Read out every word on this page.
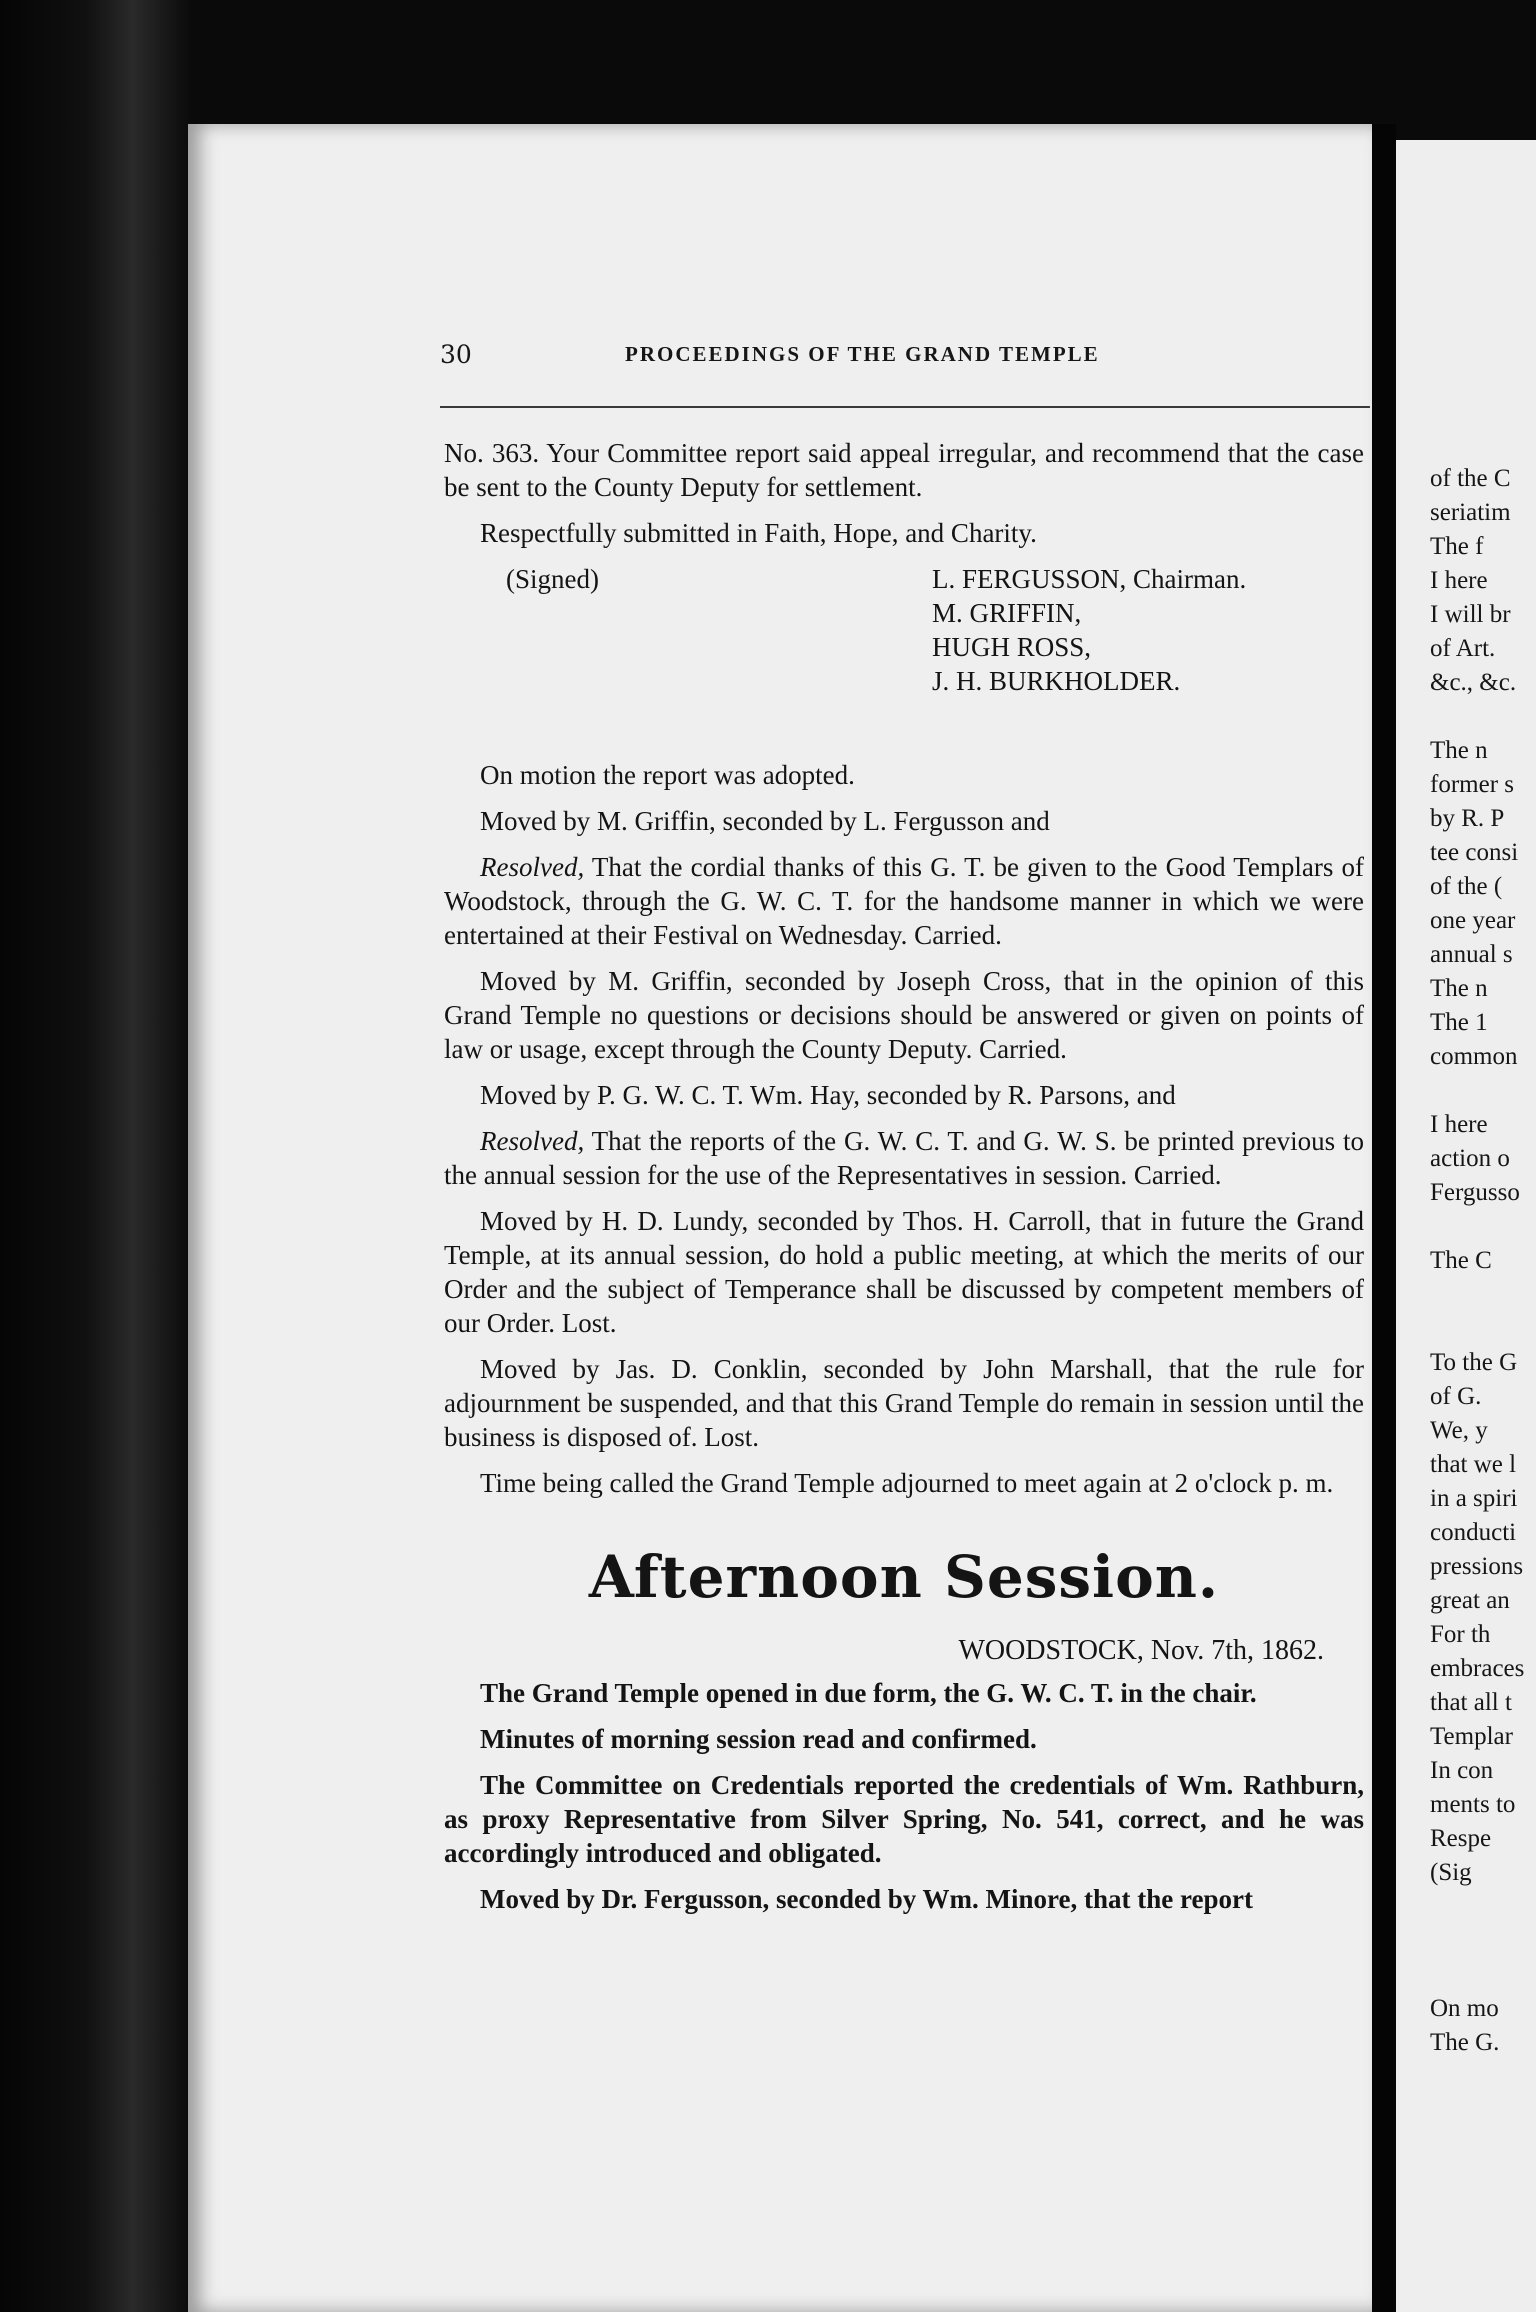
of the C
seriatim
The f
I here
I will br
of Art.
&c., &c.
The n
former s
by R. P
tee consi
of the (
one year
annual s
The n
The 1
common
I here
action o
Fergusso
The C
To the G
of G.
We, y
that we l
in a spiri
conducti
pressions
great an
For th
embraces
that all t
Templar
In con
ments to
Respe
(Sig
On mo
The G.
30	PROCEEDINGS OF THE GRAND TEMPLE

No. 363. Your Committee report said appeal irregular, and recommend that the case be sent to the County Deputy for settlement.

Respectfully submitted in Faith, Hope, and Charity.

(Signed)	L. FERGUSSON, Chairman.
M. GRIFFIN,
HUGH ROSS,
J. H. BURKHOLDER.

On motion the report was adopted.

Moved by M. Griffin, seconded by L. Fergusson and

Resolved, That the cordial thanks of this G. T. be given to the Good Templars of Woodstock, through the G. W. C. T. for the handsome manner in which we were entertained at their Festival on Wednesday. Carried.

Moved by M. Griffin, seconded by Joseph Cross, that in the opinion of this Grand Temple no questions or decisions should be answered or given on points of law or usage, except through the County Deputy. Carried.

Moved by P. G. W. C. T. Wm. Hay, seconded by R. Parsons, and

Resolved, That the reports of the G. W. C. T. and G. W. S. be printed previous to the annual session for the use of the Representatives in session. Carried.

Moved by H. D. Lundy, seconded by Thos. H. Carroll, that in future the Grand Temple, at its annual session, do hold a public meeting, at which the merits of our Order and the subject of Temperance shall be discussed by competent members of our Order. Lost.

Moved by Jas. D. Conklin, seconded by John Marshall, that the rule for adjournment be suspended, and that this Grand Temple do remain in session until the business is disposed of. Lost.

Time being called the Grand Temple adjourned to meet again at 2 o'clock p. m.

Afternoon Session.
WOODSTOCK, Nov. 7th, 1862.

The Grand Temple opened in due form, the G. W. C. T. in the chair.

Minutes of morning session read and confirmed.

The Committee on Credentials reported the credentials of Wm. Rathburn, as proxy Representative from Silver Spring, No. 541, correct, and he was accordingly introduced and obligated.

Moved by Dr. Fergusson, seconded by Wm. Minore, that the report
